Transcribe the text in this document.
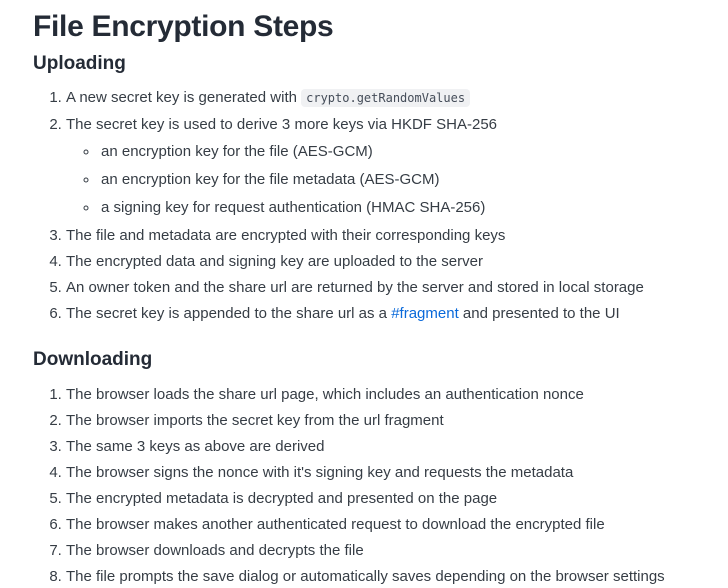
File Encryption Steps
Uploading
1. A new secret key is generated with crypto.getRandomValues
2. The secret key is used to derive 3 more keys via HKDF SHA-256
◦ an encryption key for the file (AES-GCM)
◦ an encryption key for the file metadata (AES-GCM)
◦ a signing key for request authentication (HMAC SHA-256)
3. The file and metadata are encrypted with their corresponding keys
4. The encrypted data and signing key are uploaded to the server
5. An owner token and the share url are returned by the server and stored in local storage
6. The secret key is appended to the share url as a #fragment and presented to the UI
Downloading
1. The browser loads the share url page, which includes an authentication nonce
2. The browser imports the secret key from the url fragment
3. The same 3 keys as above are derived
4. The browser signs the nonce with it's signing key and requests the metadata
5. The encrypted metadata is decrypted and presented on the page
6. The browser makes another authenticated request to download the encrypted file
7. The browser downloads and decrypts the file
8. The file prompts the save dialog or automatically saves depending on the browser settings
